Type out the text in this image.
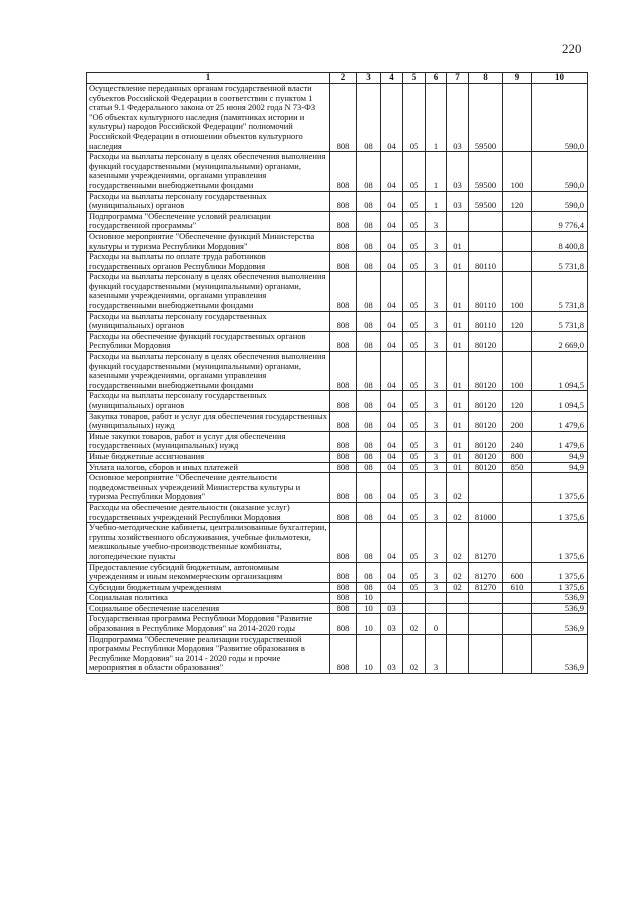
220
1	2	3	4	5	6	7	8	9	10
Осуществление переданных органам государственной власти субъектов Российской Федерации в соответствии с пунктом 1 статьи 9.1 Федерального закона от 25 июня 2002 года N 73-ФЗ "Об объектах культурного наследия (памятниках истории и культуры) народов Российской Федерации" полномочий Российской Федерации в отношении объектов культурного наследия	808	08	04	05	1	03	59500		590,0
Расходы на выплаты персоналу в целях обеспечения выполнения функций государственными (муниципальными) органами, казенными учреждениями, органами управления государственными внебюджетными фондами	808	08	04	05	1	03	59500	100	590,0
Расходы на выплаты персоналу государственных (муниципальных) органов	808	08	04	05	1	03	59500	120	590,0
Подпрограмма "Обеспечение условий реализации государственной программы"	808	08	04	05	3				9 776,4
Основное мероприятие "Обеспечение функций Министерства культуры и туризма Республики Мордовия"	808	08	04	05	3	01			8 400,8
Расходы на выплаты по оплате труда работников государственных органов Республики Мордовия	808	08	04	05	3	01	80110		5 731,8
Расходы на выплаты персоналу в целях обеспечения выполнения функций государственными (муниципальными) органами, казенными учреждениями, органами управления государственными внебюджетными фондами	808	08	04	05	3	01	80110	100	5 731,8
Расходы на выплаты персоналу государственных (муниципальных) органов	808	08	04	05	3	01	80110	120	5 731,8
Расходы на обеспечение функций государственных органов Республики Мордовия	808	08	04	05	3	01	80120		2 669,0
Расходы на выплаты персоналу в целях обеспечения выполнения функций государственными (муниципальными) органами, казенными учреждениями, органами управления государственными внебюджетными фондами	808	08	04	05	3	01	80120	100	1 094,5
Расходы на выплаты персоналу государственных (муниципальных) органов	808	08	04	05	3	01	80120	120	1 094,5
Закупка товаров, работ и услуг для обеспечения государственных (муниципальных) нужд	808	08	04	05	3	01	80120	200	1 479,6
Иные закупки товаров, работ и услуг для обеспечения государственных (муниципальных) нужд	808	08	04	05	3	01	80120	240	1 479,6
Иные бюджетные ассигнования	808	08	04	05	3	01	80120	800	94,9
Уплата налогов, сборов и иных платежей	808	08	04	05	3	01	80120	850	94,9
Основное мероприятие "Обеспечение деятельности подведомственных учреждений Министерства культуры и туризма Республики Мордовия"	808	08	04	05	3	02			1 375,6
Расходы на обеспечение деятельности (оказание услуг) государственных учреждений Республики Мордовия	808	08	04	05	3	02	81000		1 375,6
Учебно-методические кабинеты, централизованные бухгалтерии, группы хозяйственного обслуживания, учебные фильмотеки, межшкольные учебно-производственные комбинаты, логопедические пункты	808	08	04	05	3	02	81270		1 375,6
Предоставление субсидий бюджетным, автономным учреждениям и иным некоммерческим организациям	808	08	04	05	3	02	81270	600	1 375,6
Субсидии бюджетным учреждениям	808	08	04	05	3	02	81270	610	1 375,6
Социальная политика	808	10							536,9
Социальное обеспечение населения	808	10	03						536,9
Государственная программа Республики Мордовия "Развитие образования в Республике Мордовия" на 2014-2020 годы	808	10	03	02	0				536,9
Подпрограмма "Обеспечение реализации государственной программы Республики Мордовия "Развитие образования в Республике Мордовия" на 2014 - 2020 годы и прочие мероприятия в области образования"	808	10	03	02	3				536,9
